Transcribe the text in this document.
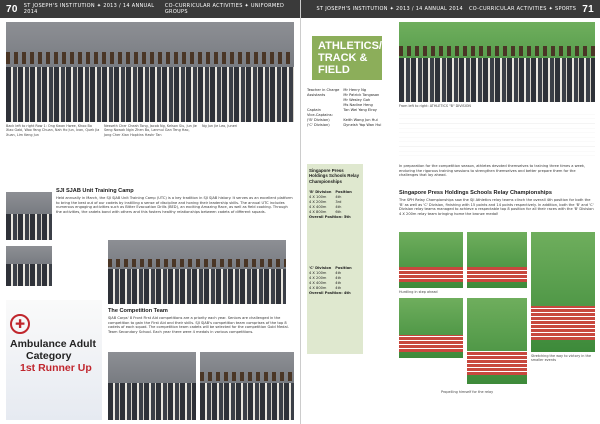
70	ST JOSEPH'S INSTITUTION ✦ 2013 / 14 ANNUAL 2014
CO-CURRICULAR ACTIVITIES ✦ UNIFORMED GROUPS
Back left to right Row 1: Ong Kwan Hwee, Khoo Bo Xiao Gabi, Woo Yang Chuan, Nah Ho Jun, Ivan, Quek Jia Xuan, Lim Keng Jun
Nesseth Cher Cheah Tong, Jacob Ng, Kelson Siu, Jun Jie Seng Nowak Ngin Zhen Bo, Lanmul Gan Teng Hao, Jong Cher Xian Hopkins Hashr Tan
Ng Jun Jie Leo, Juneri
SJI SJAB Unit Training Camp
Held annually in March, the SJI SJAB Unit Training Camp (UTC) is a key tradition in SJI SJAB history. It serves as an excellent platform to bring the best out of our cadets by instilling a sense of discipline and honing their leadership skills. The annual UTC includes numerous engaging activities such as Bitter Evacuation Drills (BED), an exciting Amazing Race, as well as field cooking. Through the activities, the cadets bond with others and this fosters healthy relationships between cadets of different squads.
✚
Ambulance Adult
Category
1st Runner Up
The Competition Team
SJAB Corps' 8 Front First Aid competitions are a priority each year. Seniors are challenged in the competition to gain the First Aid and their skills. SJI SJAB's competition team comprises of the top 8 cadets of each squad. The competition team cadets will be selected for the competition Gold Medal. Team Secondary School. Each year there were 4 medals in various competitions.
ST JOSEPH'S INSTITUTION ✦ 2013 / 14 ANNUAL 2014 CO-CURRICULAR ACTIVITIES ✦ SPORTS 71
Teacher in Charge	Mr Henry Ng
Assistants	Mr Patrick Tangasan
	Mr Wesley Goh
	Ms Nadine Heng
Captain	Tan Wei Yang Elroy
Vice-Captains:	
('B' Division)	Keith Wong Jun Hui
('C' Division)	Dyneish Yap Wan Hui
From left to right: ATHLETICS "B" DIVISION
Singapore Press Holdings Schools Relay Championships
'B' Division	Position
4 X 100m	4th
4 X 200m	3rd
4 X 400m	4th
4 X 800m	6th
Overall Position: 5th	
'C' Division	Position
4 X 100m	4th
4 X 200m	4th
4 X 400m	4th
4 X 800m	4th
Overall Position: 4th	
In preparation for the competition season, athletes devoted themselves to training three times a week, enduring the rigorous training sessions to strengthen themselves and better prepare them for the challenges that lay ahead.
Singapore Press Holdings Schools Relay Championships
The SPH Relay Championships saw the SJI Athletics relay teams clinch the overall 4th position for both the 'B' as well as 'C' Division, finishing with 15 points and 14 points respectively. In addition, both the 'B' and 'C' Division relay teams managed to achieve a respectable top 8 position for all their races with the 'B' Division 4 X 200m relay team bringing home the bronze medal!
Hurdling in step ahead
Stretching the way to victory in the smaller events
Propelling himself for the relay
ATHLETICS/ TRACK & FIELD
